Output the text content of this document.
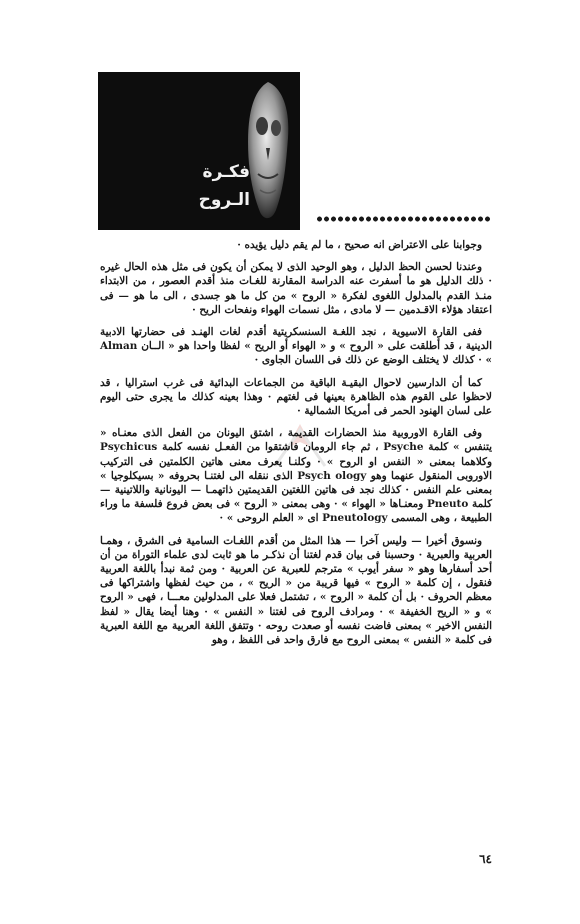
فكـرة
الـروح

وجوابنا على الاعتراض انه صحيح ، ما لم يقم دليل يؤيده ·

وعندنا لحسن الحظ الدليل ، وهو الوحيد الذى لا يمكن أن يكون فى مثل هذه الحال غيره · ذلك الدليل هو ما أسفرت عنه الدراسة المقارنة للغـات منذ أقدم العصور ، من الابتداء منـذ القدم بالمدلول اللغوى لفكرة « الروح » من كل ما هو جسدى ، الى ما هو — فى اعتقاد هؤلاء الاقـدمين — لا مادى ، مثل نسمات الهواء ونفحات الريح ·

ففى القارة الاسيوية ، نجد اللغـة السنسكريتية أقدم لغات الهنـد فى حضارتها الادبية الدينية ، قد أطلقت على « الروح » و « الهواء أو الريح » لفظا واحدا هو « الــان Alman » · كذلك لا يختلف الوضع عن ذلك فى اللسان الجاوى ·

كما أن الدارسين لاحوال البقيـة الباقية من الجماعات البدائية فى غرب استراليا ، قد لاحظوا على القوم هذه الظاهرة بعينها فى لغتهم · وهذا بعينه كذلك ما يجرى حتى اليوم على لسان الهنود الحمر فى أمريكا الشمالية ·

وفى القارة الاوروبية منذ الحضارات القديمة ، اشتق اليونان من الفعل الذى معنـاه « يتنفس » كلمة Psyche ، ثم جاء الرومان فاشتقوا من الفعـل نفسه كلمة Psychicus وكلاهما بمعنى « النفس او الروح » · وكلنـا يعرف معنى هاتين الكلمتين فى التركيب الاوروبى المنقول عنهما وهو Psych ology الذى ننقله الى لغتنـا بحروفه « بسيكلوجيا » بمعنى علم النفس · كذلك نجد فى هاتين اللغتين القديمتين ذاتهمـا — اليونانية واللاتينية — كلمة Pneuto ومعنـاها « الهواء » · وهى بمعنى « الروح » فى بعض فروع فلسفة ما وراء الطبيعة ، وهى المسمى Pneutology اى « العلم الروحى » ·

ونسوق أخيرا — وليس آخرا — هذا المثل من أقدم اللغـات السامية فى الشرق ، وهمـا العربية والعبرية · وحسبنا فى بيان قدم لغتنا أن نذكـر ما هو ثابت لدى علماء التوراة من أن أحد أسفارها وهو « سفر أيوب » مترجم للعبرية عن العربية · ومن ثمة نبدأ باللغة العربية فنقول ، إن كلمة « الروح » فيها قريبة من « الريح » ، من حيث لفظها واشتراكها فى معظم الحروف · بل أن كلمة « الروح » ، تشتمل فعلا على المدلولين معـــا ، فهى « الروح » و « الريح الخفيفة » · ومرادف الروح فى لغتنا « النفس » · وهنا أيضا يقال « لفظ النفس الاخير » بمعنى فاضت نفسه أو صعدت روحه · وتتفق اللغة العربية مع اللغة العبرية فى كلمة « النفس » بمعنى الروح مع فارق واحد فى اللفظ ، وهو

٦٤
